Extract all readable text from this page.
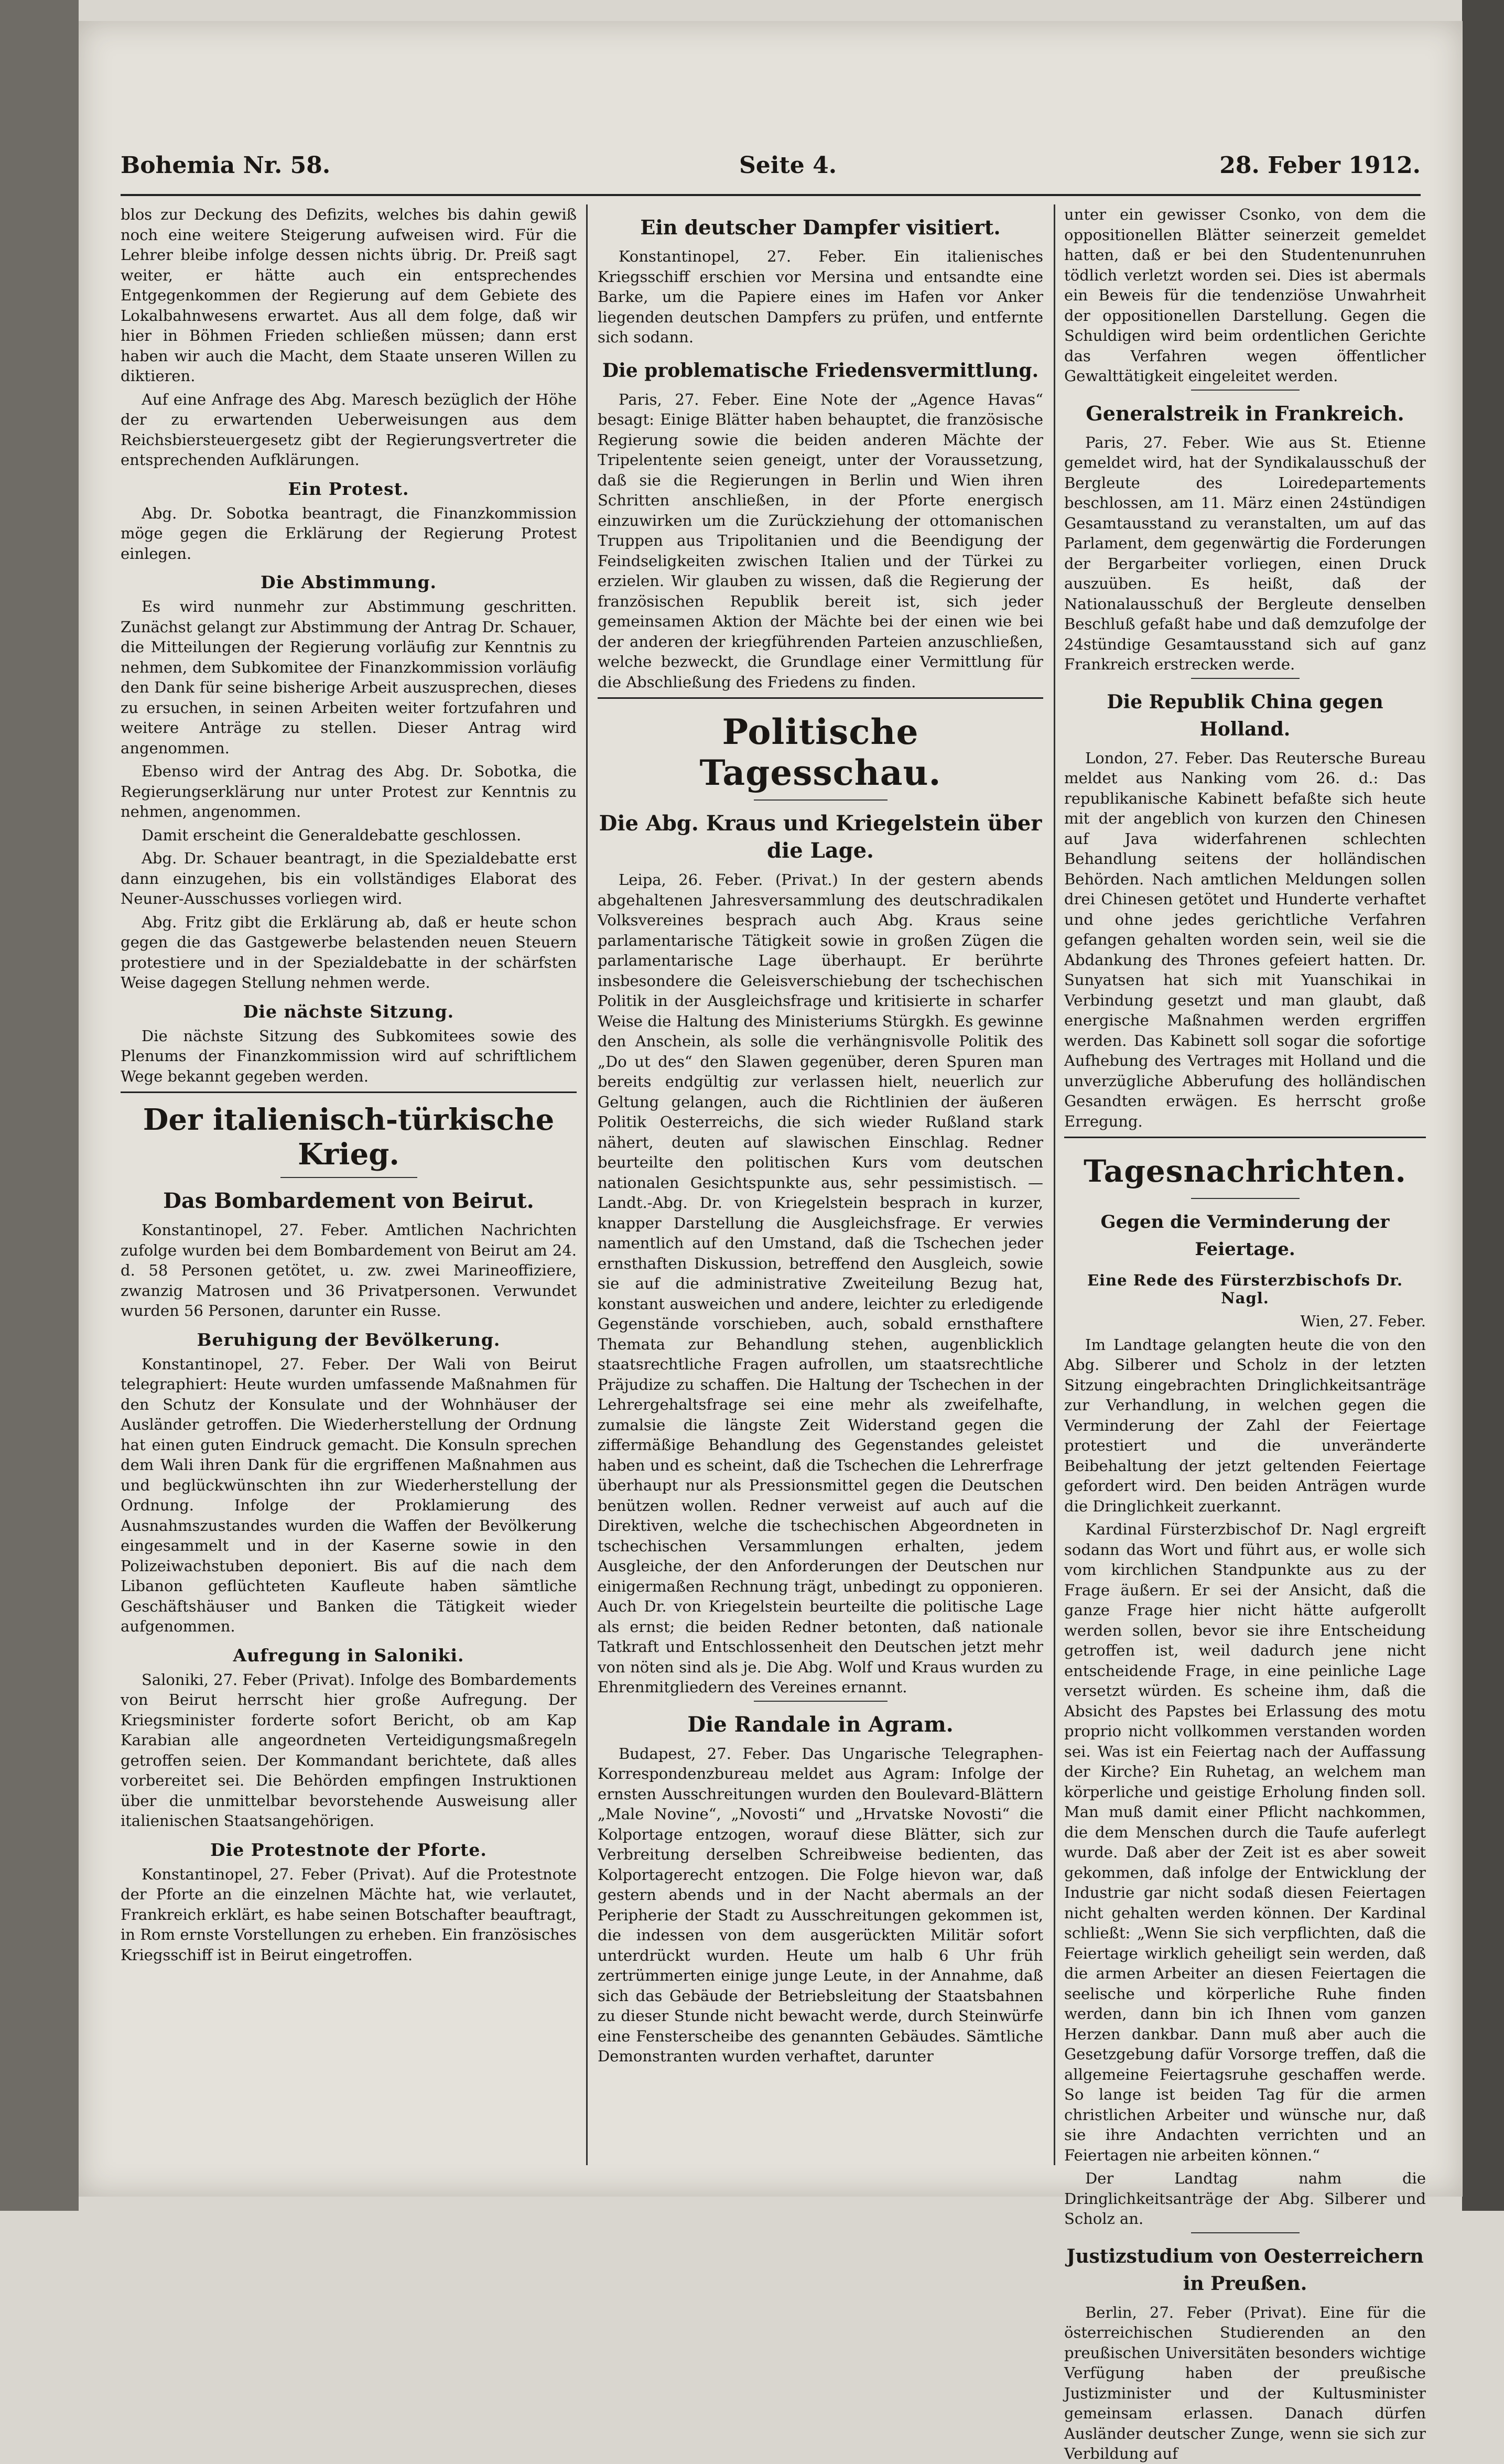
Bohemia Nr. 58.	Seite 4.	28. Feber 1912.

blos zur Deckung des Defizits, welches bis dahin gewiß noch eine weitere Steigerung aufweisen wird. Für die Lehrer bleibe infolge dessen nichts übrig. Dr. Preiß sagt weiter, er hätte auch ein entsprechendes Entgegenkommen der Regierung auf dem Gebiete des Lokalbahnwesens erwartet. Aus all dem folge, daß wir hier in Böhmen Frieden schließen müssen; dann erst haben wir auch die Macht, dem Staate unseren Willen zu diktieren.

Auf eine Anfrage des Abg. Maresch bezüglich der Höhe der zu erwartenden Ueberweisungen aus dem Reichsbiersteuergesetz gibt der Regierungsvertreter die entsprechenden Aufklärungen.

Ein Protest.

Abg. Dr. Sobotka beantragt, die Finanzkommission möge gegen die Erklärung der Regierung Protest einlegen.

Die Abstimmung.

Es wird nunmehr zur Abstimmung geschritten. Zunächst gelangt zur Abstimmung der Antrag Dr. Schauer, die Mitteilungen der Regierung vorläufig zur Kenntnis zu nehmen, dem Subkomitee der Finanzkommission vorläufig den Dank für seine bisherige Arbeit auszusprechen, dieses zu ersuchen, in seinen Arbeiten weiter fortzufahren und weitere Anträge zu stellen. Dieser Antrag wird angenommen.

Ebenso wird der Antrag des Abg. Dr. Sobotka, die Regierungserklärung nur unter Protest zur Kenntnis zu nehmen, angenommen.

Damit erscheint die Generaldebatte geschlossen.

Abg. Dr. Schauer beantragt, in die Spezialdebatte erst dann einzugehen, bis ein vollständiges Elaborat des Neuner-Ausschusses vorliegen wird.

Abg. Fritz gibt die Erklärung ab, daß er heute schon gegen die das Gastgewerbe belastenden neuen Steuern protestiere und in der Spezialdebatte in der schärfsten Weise dagegen Stellung nehmen werde.

Die nächste Sitzung.

Die nächste Sitzung des Subkomitees sowie des Plenums der Finanzkommission wird auf schriftlichem Wege bekannt gegeben werden.

Der italienisch-türkische Krieg.
Das Bombardement von Beirut.

Konstantinopel, 27. Feber. Amtlichen Nachrichten zufolge wurden bei dem Bombardement von Beirut am 24. d. 58 Personen getötet, u. zw. zwei Marineoffiziere, zwanzig Matrosen und 36 Privatpersonen. Verwundet wurden 56 Personen, darunter ein Russe.

Beruhigung der Bevölkerung.

Konstantinopel, 27. Feber. Der Wali von Beirut telegraphiert: Heute wurden umfassende Maßnahmen für den Schutz der Konsulate und der Wohnhäuser der Ausländer getroffen. Die Wiederherstellung der Ordnung hat einen guten Eindruck gemacht. Die Konsuln sprechen dem Wali ihren Dank für die ergriffenen Maßnahmen aus und beglückwünschten ihn zur Wiederherstellung der Ordnung. Infolge der Proklamierung des Ausnahmszustandes wurden die Waffen der Bevölkerung eingesammelt und in der Kaserne sowie in den Polizeiwachstuben deponiert. Bis auf die nach dem Libanon geflüchteten Kaufleute haben sämtliche Geschäftshäuser und Banken die Tätigkeit wieder aufgenommen.

Aufregung in Saloniki.

Saloniki, 27. Feber (Privat). Infolge des Bombardements von Beirut herrscht hier große Aufregung. Der Kriegsminister forderte sofort Bericht, ob am Kap Karabian alle angeordneten Verteidigungsmaßregeln getroffen seien. Der Kommandant berichtete, daß alles vorbereitet sei. Die Behörden empfingen Instruktionen über die unmittelbar bevorstehende Ausweisung aller italienischen Staatsangehörigen.

Die Protestnote der Pforte.

Konstantinopel, 27. Feber (Privat). Auf die Protestnote der Pforte an die einzelnen Mächte hat, wie verlautet, Frankreich erklärt, es habe seinen Botschafter beauftragt, in Rom ernste Vorstellungen zu erheben. Ein französisches Kriegsschiff ist in Beirut eingetroffen.

Ein deutscher Dampfer visitiert.

Konstantinopel, 27. Feber. Ein italienisches Kriegsschiff erschien vor Mersina und entsandte eine Barke, um die Papiere eines im Hafen vor Anker liegenden deutschen Dampfers zu prüfen, und entfernte sich sodann.

Die problematische Friedensvermittlung.

Paris, 27. Feber. Eine Note der „Agence Havas“ besagt: Einige Blätter haben behauptet, die französische Regierung sowie die beiden anderen Mächte der Tripelentente seien geneigt, unter der Voraussetzung, daß sie die Regierungen in Berlin und Wien ihren Schritten anschließen, in der Pforte energisch einzuwirken um die Zurückziehung der ottomanischen Truppen aus Tripolitanien und die Beendigung der Feindseligkeiten zwischen Italien und der Türkei zu erzielen. Wir glauben zu wissen, daß die Regierung der französischen Republik bereit ist, sich jeder gemeinsamen Aktion der Mächte bei der einen wie bei der anderen der kriegführenden Parteien anzuschließen, welche bezweckt, die Grundlage einer Vermittlung für die Abschließung des Friedens zu finden.

Politische Tagesschau.
Die Abg. Kraus und Kriegelstein über die Lage.

Leipa, 26. Feber. (Privat.) In der gestern abends abgehaltenen Jahresversammlung des deutschradikalen Volksvereines besprach auch Abg. Kraus seine parlamentarische Tätigkeit sowie in großen Zügen die parlamentarische Lage überhaupt. Er berührte insbesondere die Geleisverschiebung der tschechischen Politik in der Ausgleichsfrage und kritisierte in scharfer Weise die Haltung des Ministeriums Stürgkh. Es gewinne den Anschein, als solle die verhängnisvolle Politik des „Do ut des“ den Slawen gegenüber, deren Spuren man bereits endgültig zur verlassen hielt, neuerlich zur Geltung gelangen, auch die Richtlinien der äußeren Politik Oesterreichs, die sich wieder Rußland stark nähert, deuten auf slawischen Einschlag. Redner beurteilte den politischen Kurs vom deutschen nationalen Gesichtspunkte aus, sehr pessimistisch. — Landt.-Abg. Dr. von Kriegelstein besprach in kurzer, knapper Darstellung die Ausgleichsfrage. Er verwies namentlich auf den Umstand, daß die Tschechen jeder ernsthaften Diskussion, betreffend den Ausgleich, sowie sie auf die administrative Zweiteilung Bezug hat, konstant ausweichen und andere, leichter zu erledigende Gegenstände vorschieben, auch, sobald ernsthaftere Themata zur Behandlung stehen, augenblicklich staatsrechtliche Fragen aufrollen, um staatsrechtliche Präjudize zu schaffen. Die Haltung der Tschechen in der Lehrergehaltsfrage sei eine mehr als zweifelhafte, zumalsie die längste Zeit Widerstand gegen die ziffermäßige Behandlung des Gegenstandes geleistet haben und es scheint, daß die Tschechen die Lehrerfrage überhaupt nur als Pressionsmittel gegen die Deutschen benützen wollen. Redner verweist auf auch auf die Direktiven, welche die tschechischen Abgeordneten in tschechischen Versammlungen erhalten, jedem Ausgleiche, der den Anforderungen der Deutschen nur einigermaßen Rechnung trägt, unbedingt zu opponieren. Auch Dr. von Kriegelstein beurteilte die politische Lage als ernst; die beiden Redner betonten, daß nationale Tatkraft und Entschlossenheit den Deutschen jetzt mehr von nöten sind als je. Die Abg. Wolf und Kraus wurden zu Ehrenmitgliedern des Vereines ernannt.

Die Randale in Agram.

Budapest, 27. Feber. Das Ungarische Telegraphen-Korrespondenzbureau meldet aus Agram: Infolge der ernsten Ausschreitungen wurden den Boulevard-Blättern „Male Novine“, „Novosti“ und „Hrvatske Novosti“ die Kolportage entzogen, worauf diese Blätter, sich zur Verbreitung derselben Schreibweise bedienten, das Kolportagerecht entzogen. Die Folge hievon war, daß gestern abends und in der Nacht abermals an der Peripherie der Stadt zu Ausschreitungen gekommen ist, die indessen von dem ausgerückten Militär sofort unterdrückt wurden. Heute um halb 6 Uhr früh zertrümmerten einige junge Leute, in der Annahme, daß sich das Gebäude der Betriebsleitung der Staatsbahnen zu dieser Stunde nicht bewacht werde, durch Steinwürfe eine Fensterscheibe des genannten Gebäudes. Sämtliche Demonstranten wurden verhaftet, darunter

unter ein gewisser Csonko, von dem die oppositionellen Blätter seinerzeit gemeldet hatten, daß er bei den Studentenunruhen tödlich verletzt worden sei. Dies ist abermals ein Beweis für die tendenziöse Unwahrheit der oppositionellen Darstellung. Gegen die Schuldigen wird beim ordentlichen Gerichte das Verfahren wegen öffentlicher Gewalttätigkeit eingeleitet werden.

Generalstreik in Frankreich.

Paris, 27. Feber. Wie aus St. Etienne gemeldet wird, hat der Syndikalausschuß der Bergleute des Loiredepartements beschlossen, am 11. März einen 24stündigen Gesamtausstand zu veranstalten, um auf das Parlament, dem gegenwärtig die Forderungen der Bergarbeiter vorliegen, einen Druck auszuüben. Es heißt, daß der Nationalausschuß der Bergleute denselben Beschluß gefaßt habe und daß demzufolge der 24stündige Gesamtausstand sich auf ganz Frankreich erstrecken werde.

Die Republik China gegen Holland.

London, 27. Feber. Das Reutersche Bureau meldet aus Nanking vom 26. d.: Das republikanische Kabinett befaßte sich heute mit der angeblich von kurzen den Chinesen auf Java widerfahrenen schlechten Behandlung seitens der holländischen Behörden. Nach amtlichen Meldungen sollen drei Chinesen getötet und Hunderte verhaftet und ohne jedes gerichtliche Verfahren gefangen gehalten worden sein, weil sie die Abdankung des Thrones gefeiert hatten. Dr. Sunyatsen hat sich mit Yuanschikai in Verbindung gesetzt und man glaubt, daß energische Maßnahmen werden ergriffen werden. Das Kabinett soll sogar die sofortige Aufhebung des Vertrages mit Holland und die unverzügliche Abberufung des holländischen Gesandten erwägen. Es herrscht große Erregung.

Tagesnachrichten.
Gegen die Verminderung der Feiertage.
Eine Rede des Fürsterzbischofs Dr. Nagl.

Wien, 27. Feber.

Im Landtage gelangten heute die von den Abg. Silberer und Scholz in der letzten Sitzung eingebrachten Dringlichkeitsanträge zur Verhandlung, in welchen gegen die Verminderung der Zahl der Feiertage protestiert und die unveränderte Beibehaltung der jetzt geltenden Feiertage gefordert wird. Den beiden Anträgen wurde die Dringlichkeit zuerkannt.

Kardinal Fürsterzbischof Dr. Nagl ergreift sodann das Wort und führt aus, er wolle sich vom kirchlichen Standpunkte aus zu der Frage äußern. Er sei der Ansicht, daß die ganze Frage hier nicht hätte aufgerollt werden sollen, bevor sie ihre Entscheidung getroffen ist, weil dadurch jene nicht entscheidende Frage, in eine peinliche Lage versetzt würden. Es scheine ihm, daß die Absicht des Papstes bei Erlassung des motu proprio nicht vollkommen verstanden worden sei. Was ist ein Feiertag nach der Auffassung der Kirche? Ein Ruhetag, an welchem man körperliche und geistige Erholung finden soll. Man muß damit einer Pflicht nachkommen, die dem Menschen durch die Taufe auferlegt wurde. Daß aber der Zeit ist es aber soweit gekommen, daß infolge der Entwicklung der Industrie gar nicht sodaß diesen Feiertagen nicht gehalten werden können. Der Kardinal schließt: „Wenn Sie sich verpflichten, daß die Feiertage wirklich geheiligt sein werden, daß die armen Arbeiter an diesen Feiertagen die seelische und körperliche Ruhe finden werden, dann bin ich Ihnen vom ganzen Herzen dankbar. Dann muß aber auch die Gesetzgebung dafür Vorsorge treffen, daß die allgemeine Feiertagsruhe geschaffen werde. So lange ist beiden Tag für die armen christlichen Arbeiter und wünsche nur, daß sie ihre Andachten verrichten und an Feiertagen nie arbeiten können.“

Der Landtag nahm die Dringlichkeitsanträge der Abg. Silberer und Scholz an.

Justizstudium von Oesterreichern in Preußen.

Berlin, 27. Feber (Privat). Eine für die österreichischen Studierenden an den preußischen Universitäten besonders wichtige Verfügung haben der preußische Justizminister und der Kultusminister gemeinsam erlassen. Danach dürfen Ausländer deutscher Zunge, wenn sie sich zur Verbildung auf
